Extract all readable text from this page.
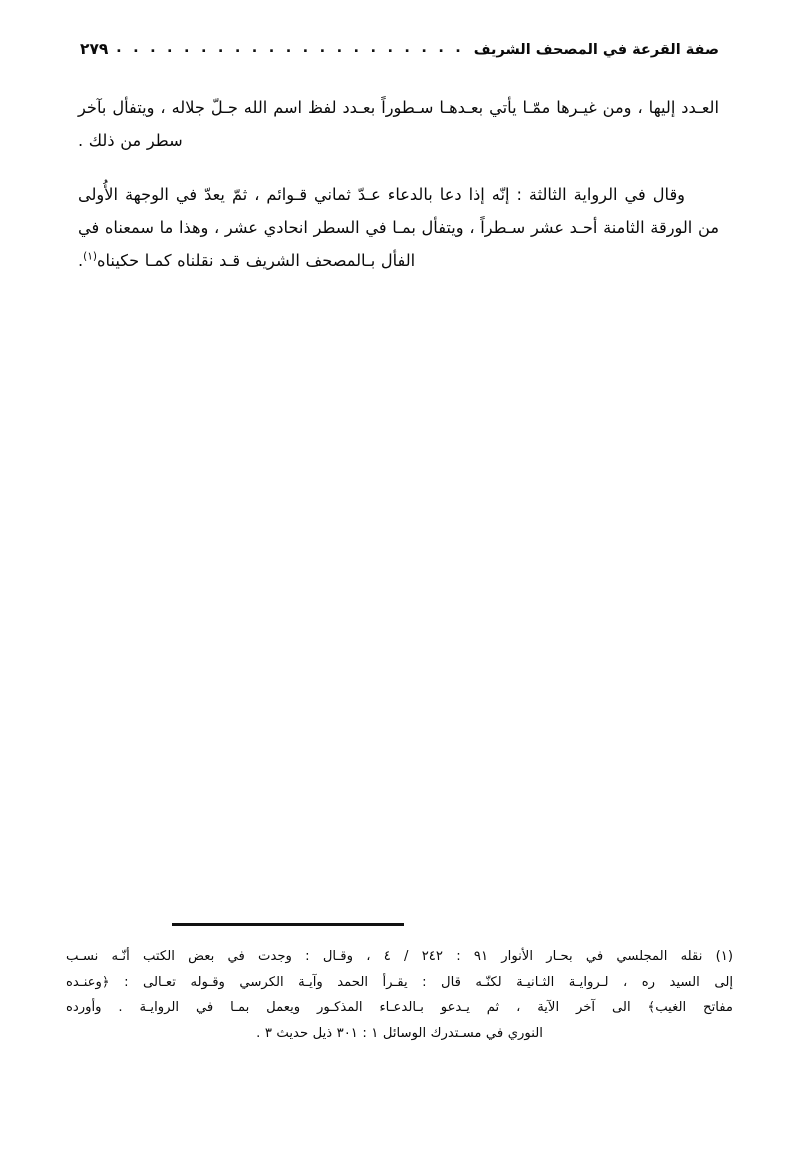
صفة القرعة في المصحف الشريف
. . . . . . . . . . . . . . . . . . . . .
٢٧٩

العـدد إليها ، ومن غيـرها ممّـا يأتي بعـدهـا سـطوراً بعـدد لفظ اسم الله جـلّ جلاله ، ويتفأل بآخر سطر من ذلك .

وقال في الرواية الثالثة : إنّه إذا دعا بالدعاء عـدّ ثماني قـوائم ، ثمّ يعدّ في الوجهة الأُولى من الورقة الثامنة أحـد عشر سـطراً ، ويتفأل بمـا في السطر انحادي عشر ، وهذا ما سمعناه في الفأل بـالمصحف الشريف قـد نقلناه كمـا حكيناه$^{(١)}$.

(١) نقله المجلسي في بحـار الأنوار ٩١ : ٢٤٢ / ٤ ، وقـال : وجدت في بعض الكتب أنّـه نسـب
إلى السيد ره ، لـروايـة الثـانيـة لكنّـه قال : يقـرأ الحمد وآيـة الكرسي وقـوله تعـالى : ﴿وعنـده
مفاتح الغيب﴾ الى آخر الآية ، ثم يـدعو بـالدعـاء المذكـور ويعمل بمـا في الروايـة . وأورده
النوري في مسـتدرك الوسائل ١ : ٣٠١ ذيل حديث ٣ .
